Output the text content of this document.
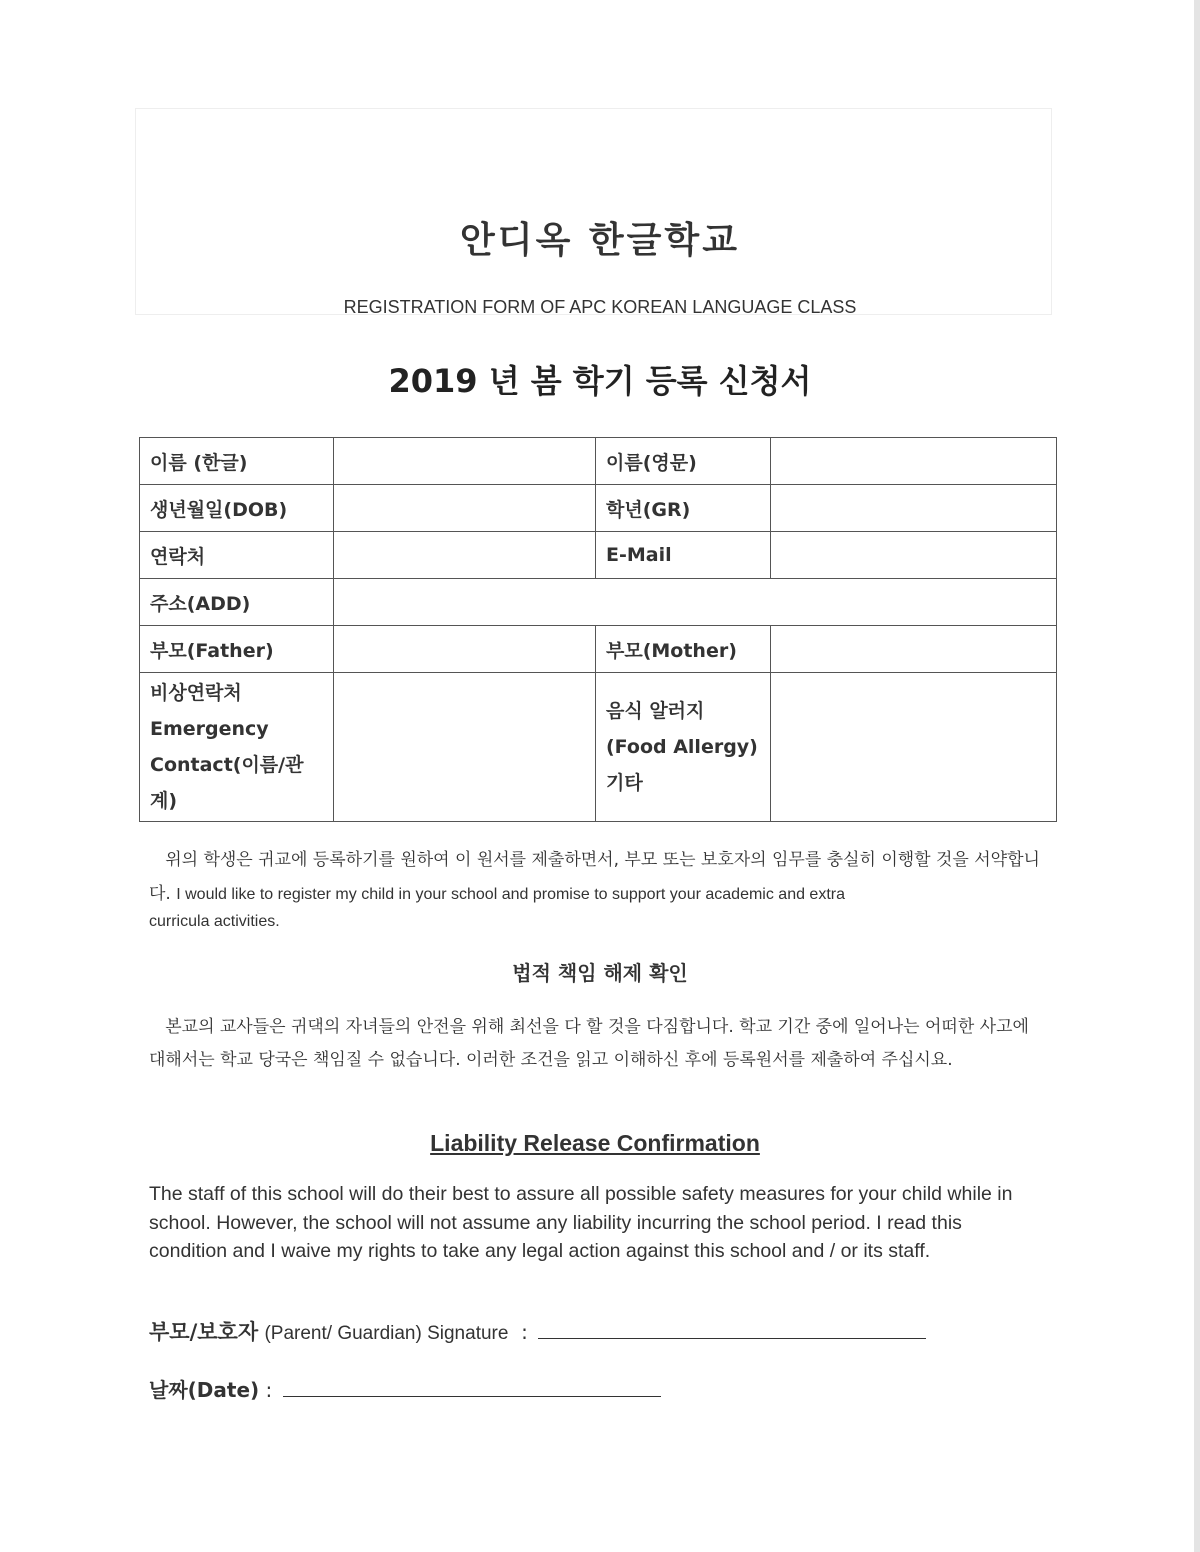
안디옥 한글학교
REGISTRATION FORM OF APC KOREAN LANGUAGE CLASS
2019 년 봄 학기 등록 신청서
이름 (한글)		이름(영문)	
생년월일(DOB)		학년(GR)	
연락처		E-Mail	
주소(ADD)			
부모(Father)		부모(Mother)	

비상연락처
Emergency
Contact(이름/관계)		음식 알러지
(Food Allergy)
기타	

위의 학생은 귀교에 등록하기를 원하여 이 원서를 제출하면서, 부모 또는 보호자의 임무를 충실히 이행할 것을 서약합니다. I would like to register my child in your school and promise to support your academic and extra
curricula activities.
법적 책임 해제 확인
본교의 교사들은 귀댁의 자녀들의 안전을 위해 최선을 다 할 것을 다짐합니다. 학교 기간 중에 일어나는 어떠한 사고에 대해서는 학교 당국은 책임질 수 없습니다. 이러한 조건을 읽고 이해하신 후에 등록원서를 제출하여 주십시요.
Liability Release Confirmation
The staff of this school will do their best to assure all possible safety measures for your child while in school. However, the school will not assume any liability incurring the school period. I read this condition and I waive my rights to take any legal action against this school and / or its staff.
부모/보호자 (Parent/ Guardian) Signature :
날짜(Date) :
